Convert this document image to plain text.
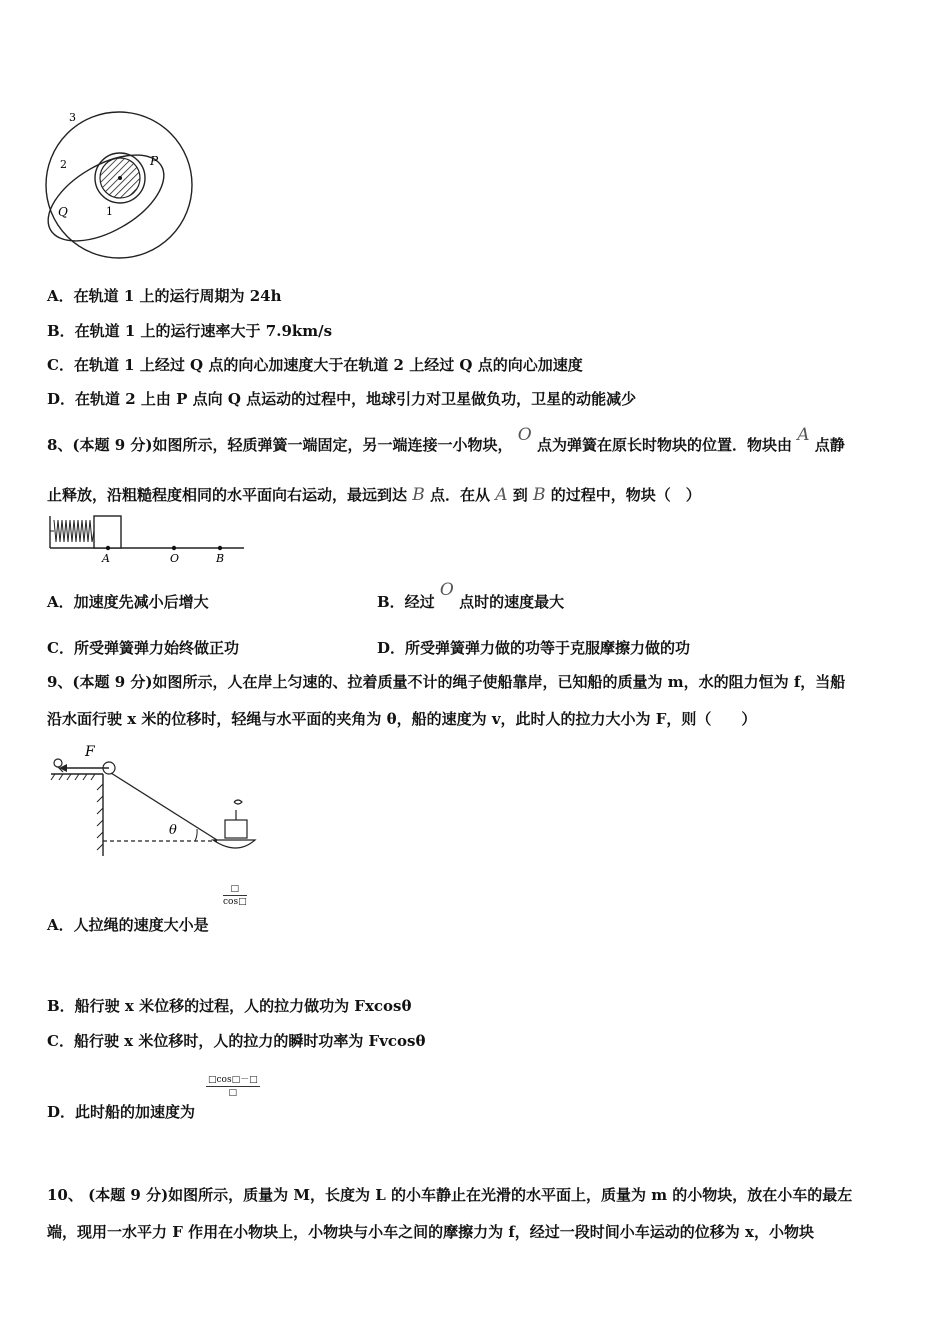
3
2	P
Q	1
A．在轨道 1 上的运行周期为 24h
B．在轨道 1 上的运行速率大于 7.9km/s
C．在轨道 1 上经过 Q 点的向心加速度大于在轨道 2 上经过 Q 点的向心加速度
D．在轨道 2 上由 P 点向 Q 点运动的过程中，地球引力对卫星做负功，卫星的动能减少
8、(本题 9 分)如图所示，轻质弹簧一端固定，另一端连接一小物块， O 点为弹簧在原长时物块的位置．物块由 A 点静
止释放，沿粗糙程度相同的水平面向右运动，最远到达 B 点．在从 A 到 B 的过程中，物块（　）
A	O	B
A．加速度先减小后增大	B．经过 O 点时的速度最大
C．所受弹簧弹力始终做正功	D．所受弹簧弹力做的功等于克服摩擦力做的功
9、(本题 9 分)如图所示，人在岸上匀速的、拉着质量不计的绳子使船靠岸，已知船的质量为 m，水的阻力恒为 f，当船
沿水面行驶 x 米的位移时，轻绳与水平面的夹角为 θ，船的速度为 v，此时人的拉力大小为 F，则（　　）
F
θ
A．人拉绳的速度大小是
□
cos□
B．船行驶 x 米位移的过程，人的拉力做功为 Fxcosθ
C．船行驶 x 米位移时，人的拉力的瞬时功率为 Fvcosθ
□cos□－□
□
D．此时船的加速度为
10、 (本题 9 分)如图所示，质量为 M，长度为 L 的小车静止在光滑的水平面上，质量为 m 的小物块，放在小车的最左
端，现用一水平力 F 作用在小物块上，小物块与小车之间的摩擦力为 f，经过一段时间小车运动的位移为 x，小物块
